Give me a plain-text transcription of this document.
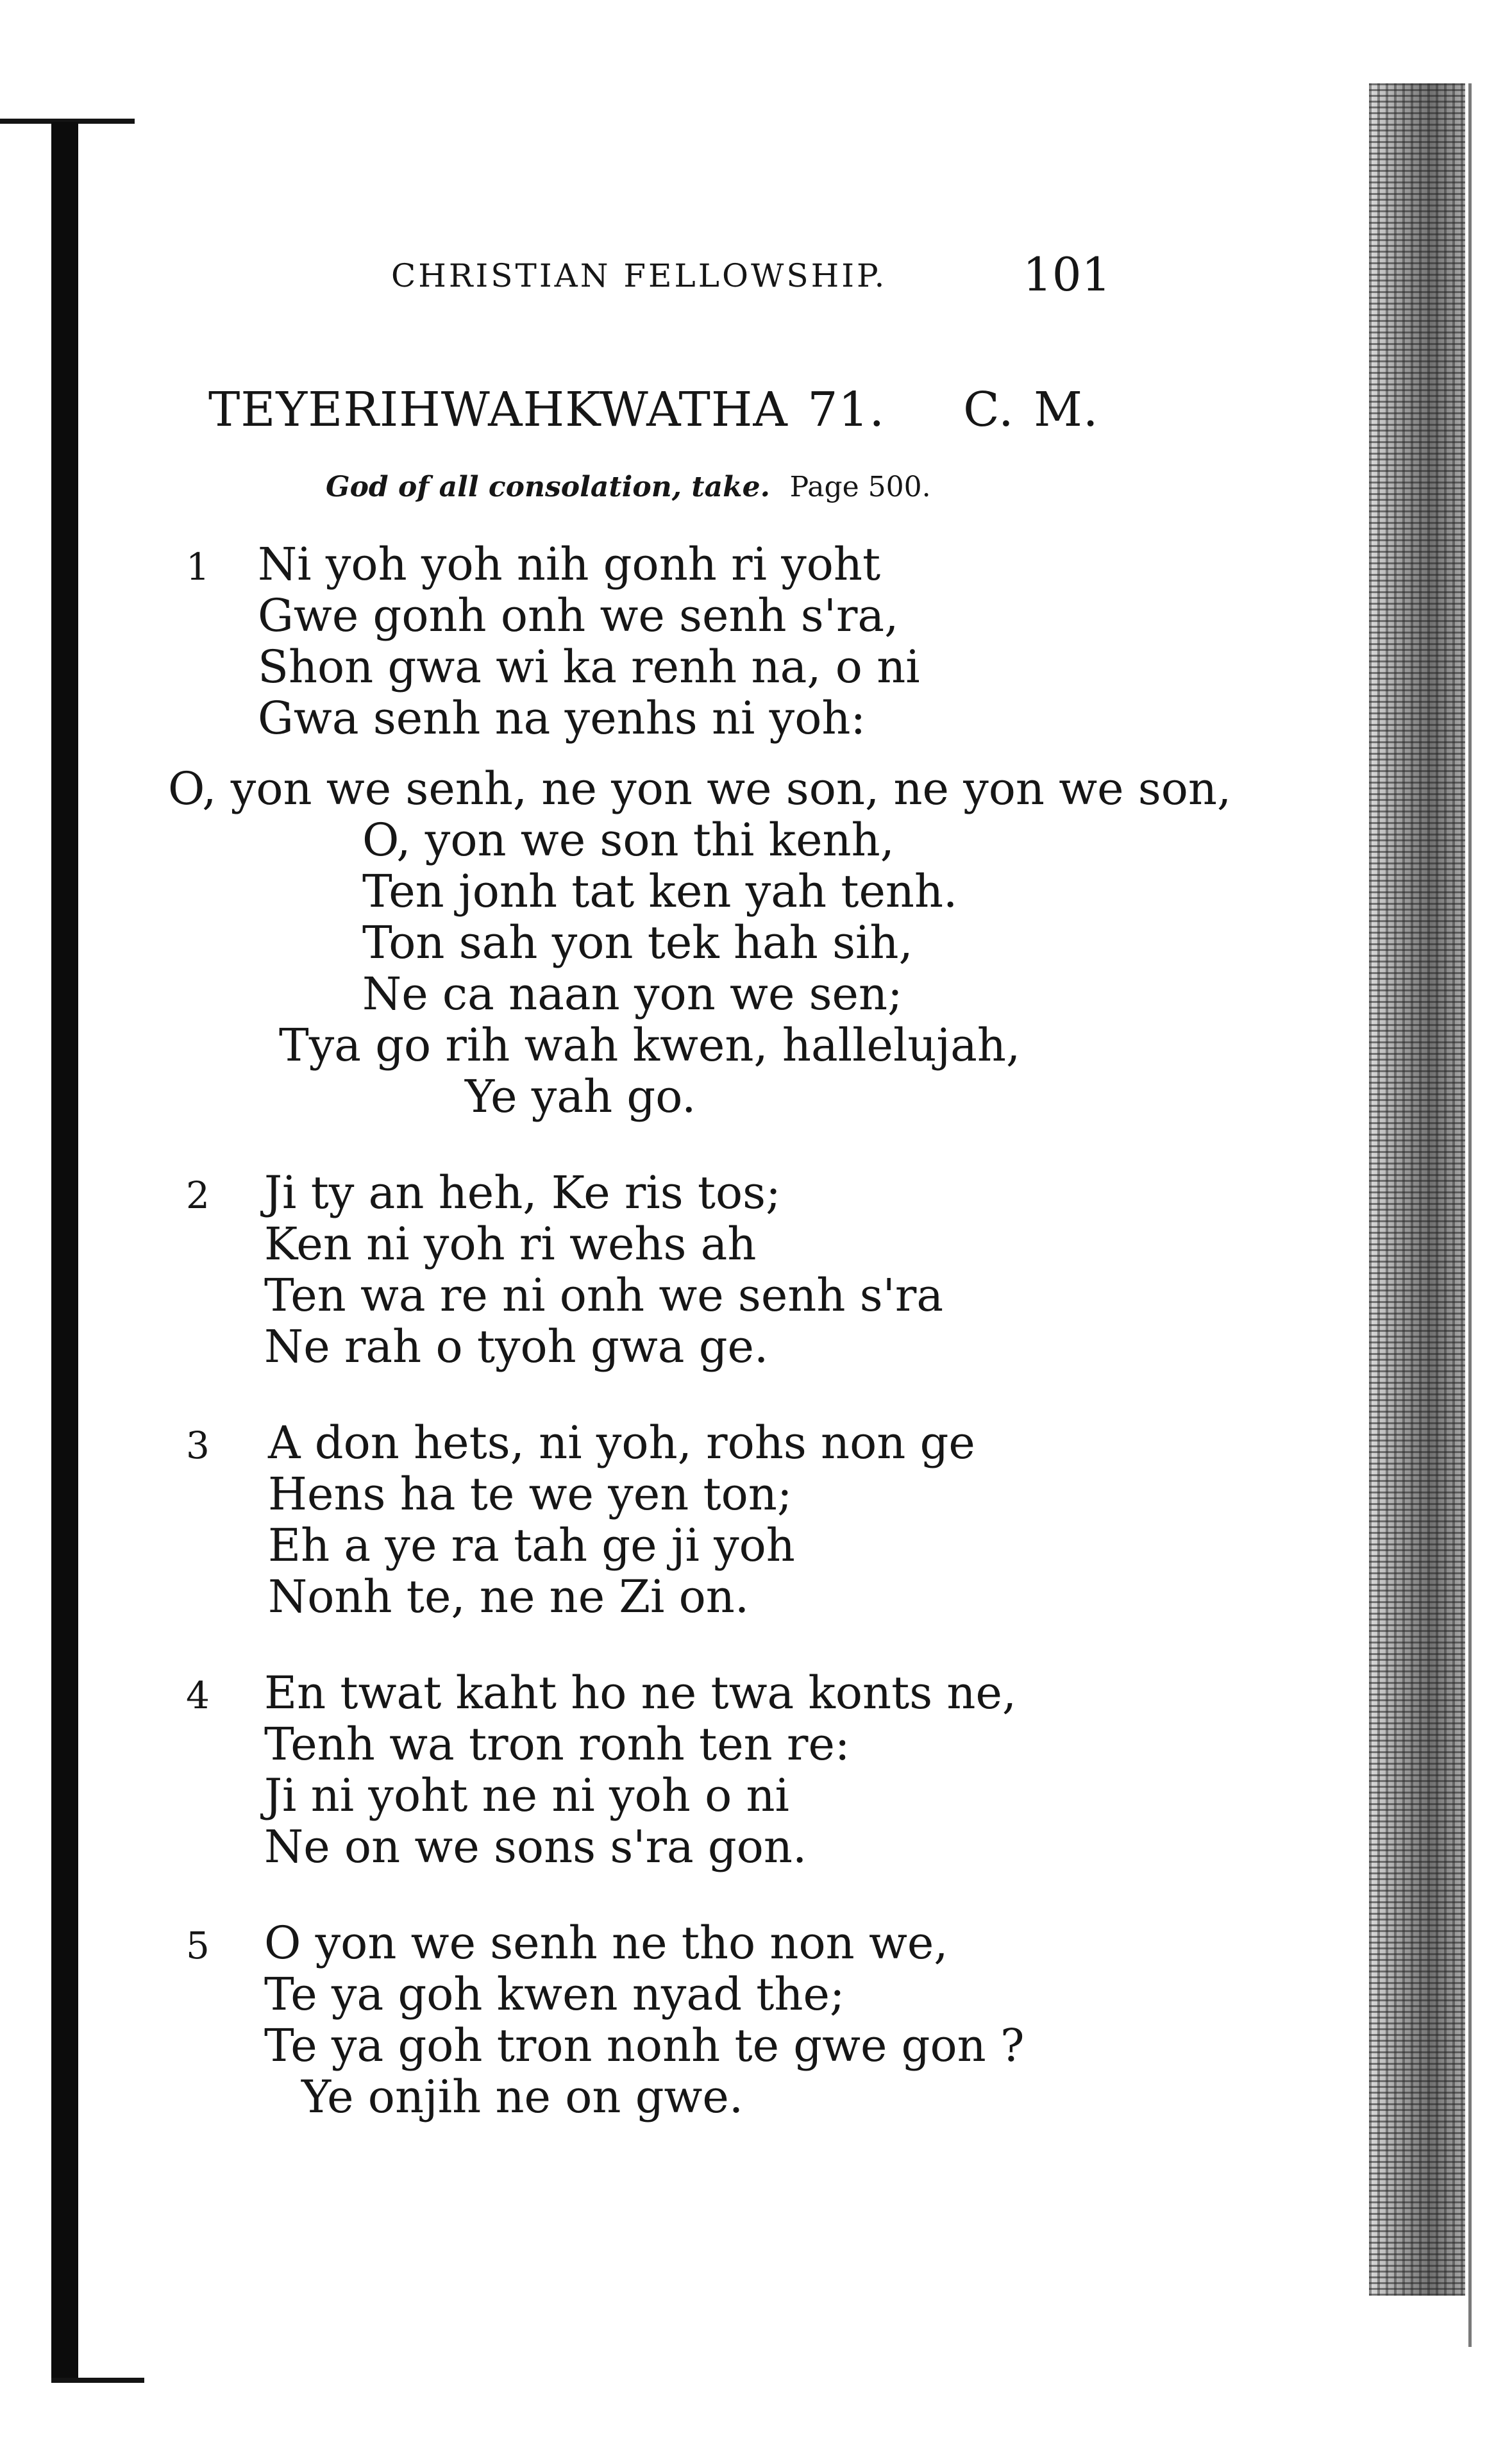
CHRISTIAN FELLOWSHIP.	101
TEYERIHWAHKWATHA 71. C. M.
God of all consolation, take. Page 500.
1 Ni yoh yoh nih gonh ri yoht
Gwe gonh onh we senh s'ra,
Shon gwa wi ka renh na, o ni
Gwa senh na yenhs ni yoh:
O, yon we senh, ne yon we son, ne yon we son,
O, yon we son thi kenh,
Ten jonh tat ken yah tenh.
Ton sah yon tek hah sih,
Ne ca naan yon we sen;
Tya go rih wah kwen, hallelujah,
Ye yah go.
2 Ji ty an heh, Ke ris tos;
Ken ni yoh ri wehs ah
Ten wa re ni onh we senh s'ra
Ne rah o tyoh gwa ge.
3 A don hets, ni yoh, rohs non ge
Hens ha te we yen ton;
Eh a ye ra tah ge ji yoh
Nonh te, ne ne Zi on.
4 En twat kaht ho ne twa konts ne,
Tenh wa tron ronh ten re:
Ji ni yoht ne ni yoh o ni
Ne on we sons s'ra gon.
5 O yon we senh ne tho non we,
Te ya goh kwen nyad the;
Te ya goh tron nonh te gwe gon ?
Ye onjih ne on gwe.
